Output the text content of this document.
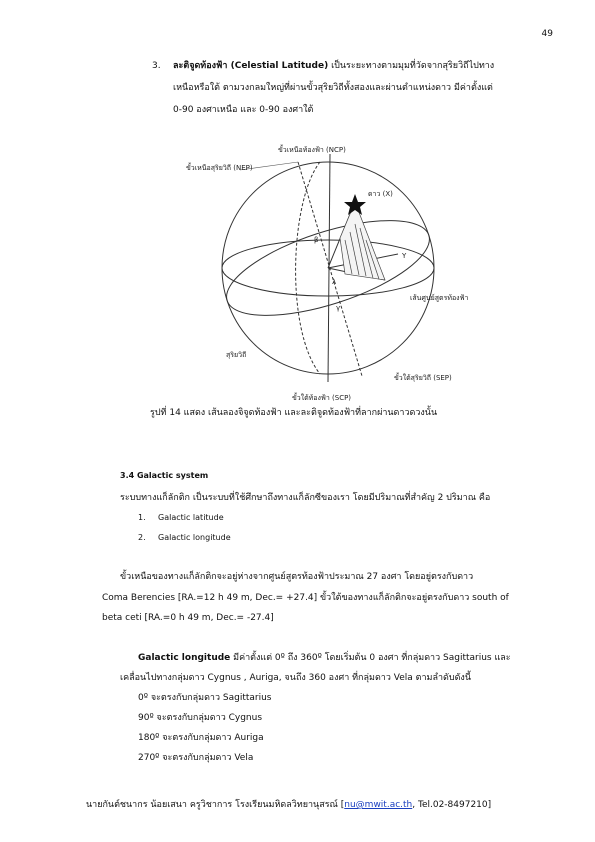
49
3. ละติจูดท้องฟ้า (Celestial Latitude) เป็นระยะทางตามมุมที่วัดจากสุริยวิถีไปทาง
เหนือหรือใต้ ตามวงกลมใหญ่ที่ผ่านขั้วสุริยวิถีทั้งสองและผ่านตำแหน่งดาว มีค่าตั้งแต่
0-90 องศาเหนือ และ 0-90 องศาใต้
ขั้วเหนือท้องฟ้า (NCP)
ขั้วเหนือสุริยวิถี (NEP)
ดาว (X)
β
Υ
λ
γ
เส้นศูนย์สูตรท้องฟ้า
สุริยวิถี
ขั้วใต้สุริยวิถี (SEP)
ขั้วใต้ท้องฟ้า (SCP)
รูปที่ 14 แสดง เส้นลองจิจูดท้องฟ้า และละติจูดท้องฟ้าที่ลากผ่านดาวดวงนั้น
3.4 Galactic system
ระบบทางแก็ลักติก เป็นระบบที่ใช้ศึกษาถึงทางแก็ลักซีของเรา โดยมีปริมาณที่สำคัญ 2 ปริมาณ คือ
1. Galactic latitude
2. Galactic longitude
ขั้วเหนือของทางแก็ลักติกจะอยู่ห่างจากศูนย์สูตรท้องฟ้าประมาณ 27 องศา โดยอยู่ตรงกับดาว
Coma Berencies [RA.=12 h 49 m, Dec.= +27.4] ขั้วใต้ของทางแก็ลักติกจะอยู่ตรงกับดาว south of
beta ceti [RA.=0 h 49 m, Dec.= -27.4]
Galactic longitude มีค่าตั้งแต่ 0º ถึง 360º โดยเริ่มต้น 0 องศา ที่กลุ่มดาว Sagittarius และ
เคลื่อนไปทางกลุ่มดาว Cygnus , Auriga, จนถึง 360 องศา ที่กลุ่มดาว Vela ตามลำดับดังนี้
0º จะตรงกับกลุ่มดาว Sagittarius
90º จะตรงกับกลุ่มดาว Cygnus
180º จะตรงกับกลุ่มดาว Auriga
270º จะตรงกับกลุ่มดาว Vela
นายกันต์ชนากร น้อยเสนา ครูวิชาการ โรงเรียนมหิดลวิทยานุสรณ์ [nu@mwit.ac.th, Tel.02-8497210]
